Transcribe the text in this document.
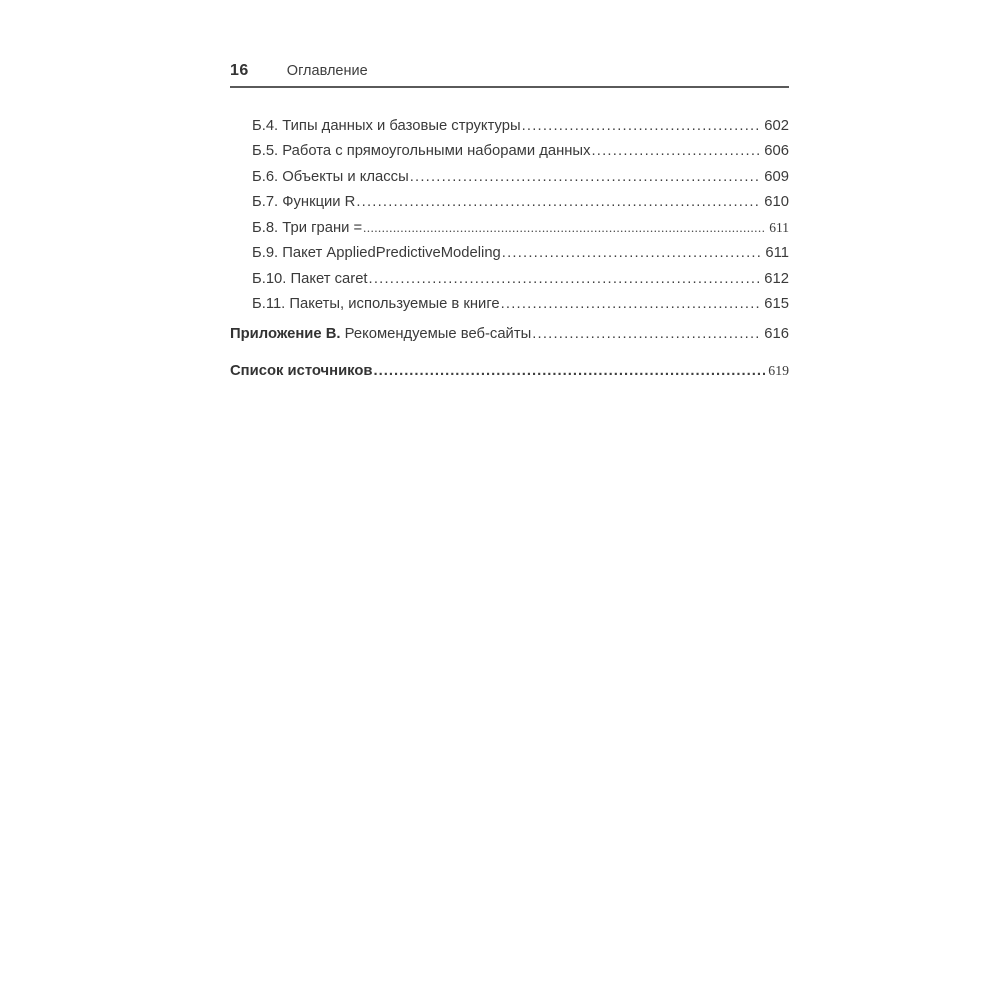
16	Оглавление
Б.4. Типы данных и базовые структуры .....	602
Б.5. Работа с прямоугольными наборами данных .....	606
Б.6. Объекты и классы .....	609
Б.7. Функции R .....	610
Б.8. Три грани = .....	611
Б.9. Пакет AppliedPredictiveModeling .....	611
Б.10. Пакет caret .....	612
Б.11. Пакеты, используемые в книге .....	615
Приложение В. Рекомендуемые веб-сайты .....	616
Список источников .....	619
